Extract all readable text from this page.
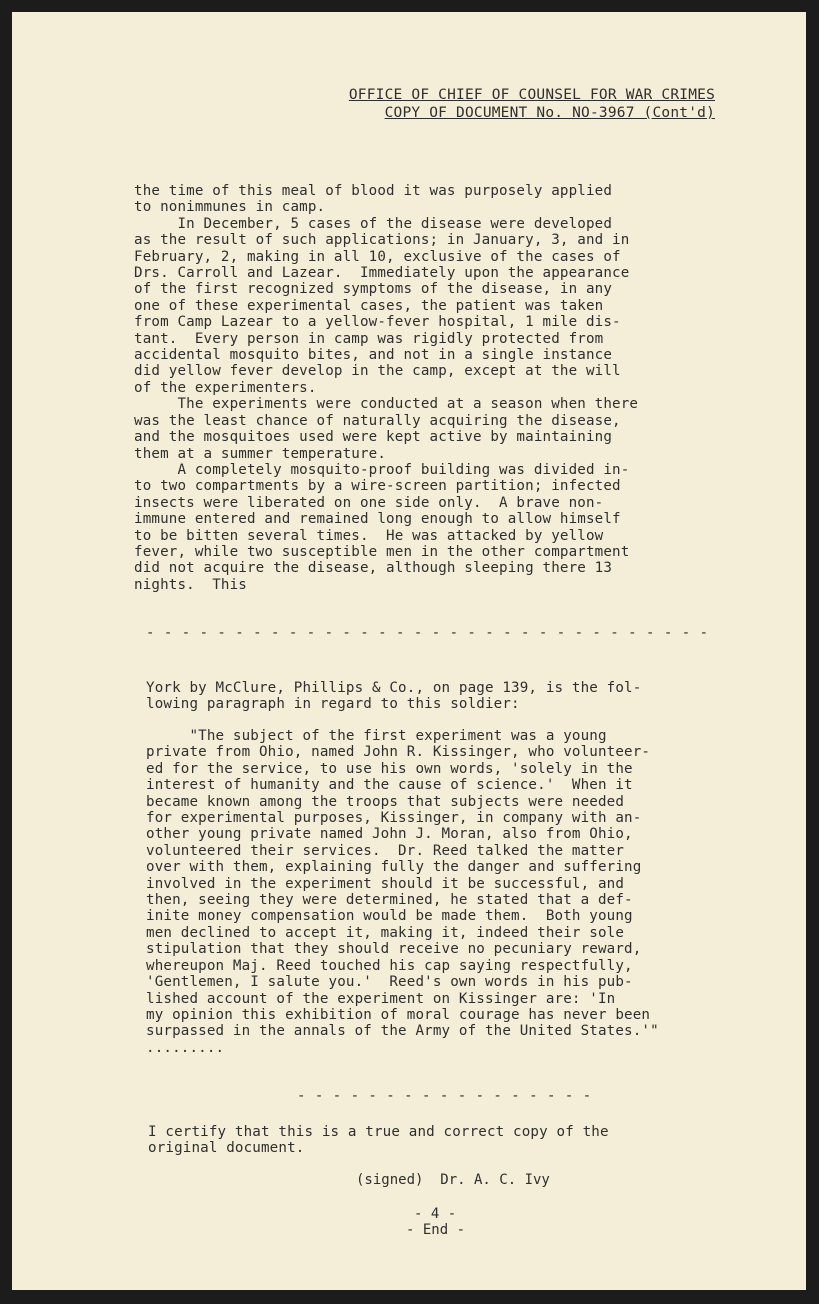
OFFICE OF CHIEF OF COUNSEL FOR WAR CRIMES
COPY OF DOCUMENT No. NO-3967 (Cont'd)
the time of this meal of blood it was purposely applied
to nonimmunes in camp.
In December, 5 cases of the disease were developed
as the result of such applications; in January, 3, and in
February, 2, making in all 10, exclusive of the cases of
Drs. Carroll and Lazear.  Immediately upon the appearance
of the first recognized symptoms of the disease, in any
one of these experimental cases, the patient was taken
from Camp Lazear to a yellow-fever hospital, 1 mile dis-
tant.  Every person in camp was rigidly protected from
accidental mosquito bites, and not in a single instance
did yellow fever develop in the camp, except at the will
of the experimenters.
The experiments were conducted at a season when there
was the least chance of naturally acquiring the disease,
and the mosquitoes used were kept active by maintaining
them at a summer temperature.
A completely mosquito-proof building was divided in-
to two compartments by a wire-screen partition; infected
insects were liberated on one side only.  A brave non-
immune entered and remained long enough to allow himself
to be bitten several times.  He was attacked by yellow
fever, while two susceptible men in the other compartment
did not acquire the disease, although sleeping there 13
nights.  This
- - - - - - - - - - - - - - - - - - - - - - - - - - - - - - - -
York by McClure, Phillips & Co., on page 139, is the fol-
lowing paragraph in regard to this soldier:
"The subject of the first experiment was a young
private from Ohio, named John R. Kissinger, who volunteer-
ed for the service, to use his own words, 'solely in the
interest of humanity and the cause of science.'  When it
became known among the troops that subjects were needed
for experimental purposes, Kissinger, in company with an-
other young private named John J. Moran, also from Ohio,
volunteered their services.  Dr. Reed talked the matter
over with them, explaining fully the danger and suffering
involved in the experiment should it be successful, and
then, seeing they were determined, he stated that a def-
inite money compensation would be made them.  Both young
men declined to accept it, making it, indeed their sole
stipulation that they should receive no pecuniary reward,
whereupon Maj. Reed touched his cap saying respectfully,
'Gentlemen, I salute you.'  Reed's own words in his pub-
lished account of the experiment on Kissinger are: 'In
my opinion this exhibition of moral courage has never been
surpassed in the annals of the Army of the United States.'"
.........
- - - - - - - - - - - - - - - - -
I certify that this is a true and correct copy of the
original document.
(signed)  Dr. A. C. Ivy
- 4 -
- End -
